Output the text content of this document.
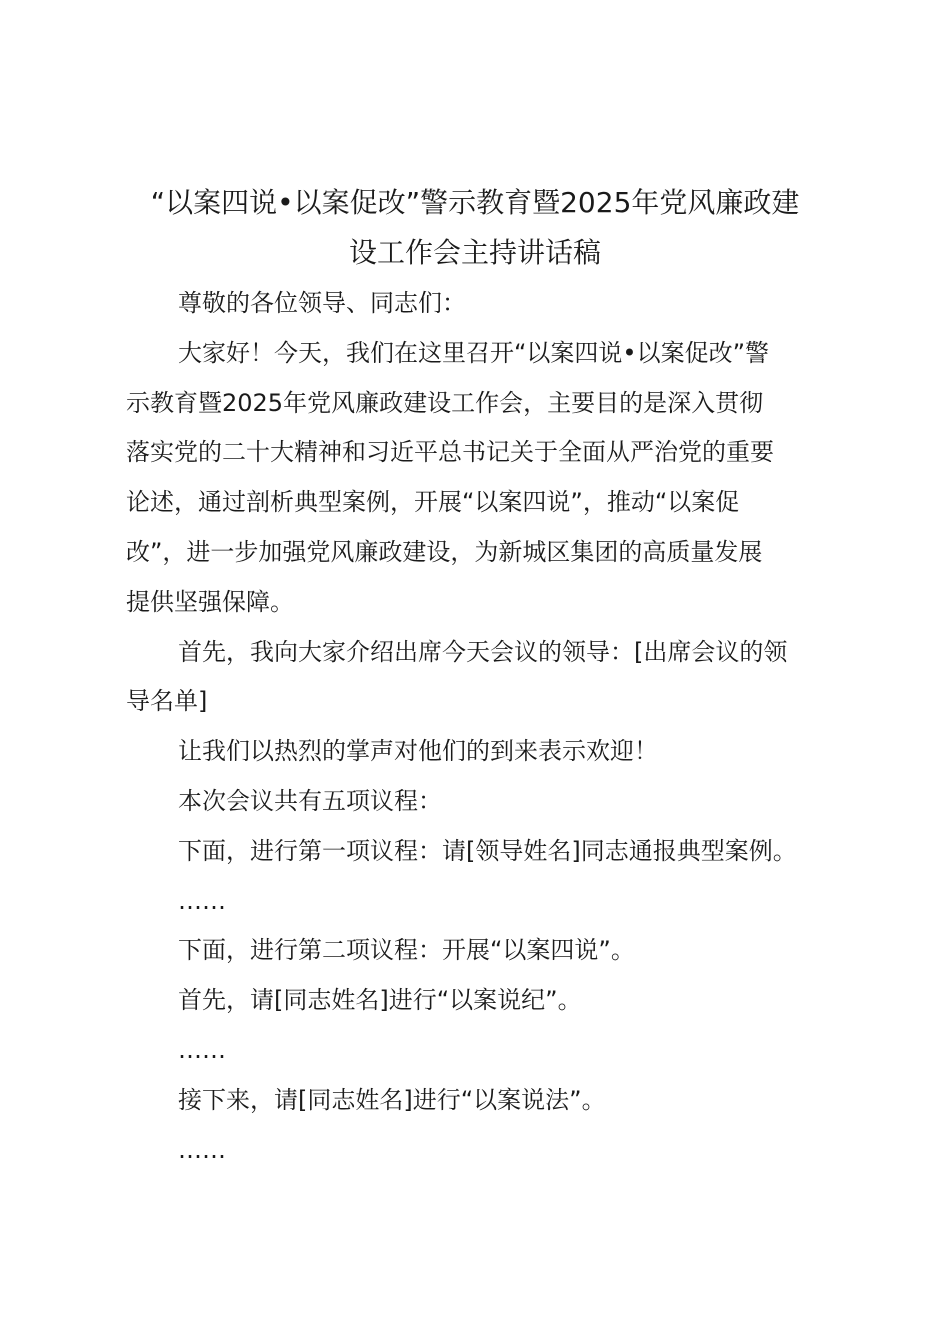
“以案四说•以案促改”警示教育暨2025年党风廉政建
设工作会主持讲话稿
尊敬的各位领导、同志们：
大家好！今天，我们在这里召开“以案四说•以案促改”警
示教育暨2025年党风廉政建设工作会，主要目的是深入贯彻
落实党的二十大精神和习近平总书记关于全面从严治党的重要
论述，通过剖析典型案例，开展“以案四说”，推动“以案促
改”，进一步加强党风廉政建设，为新城区集团的高质量发展
提供坚强保障。
首先，我向大家介绍出席今天会议的领导：[出席会议的领
导名单]
让我们以热烈的掌声对他们的到来表示欢迎！
本次会议共有五项议程：
下面，进行第一项议程：请[领导姓名]同志通报典型案例。
……
下面，进行第二项议程：开展“以案四说”。
首先，请[同志姓名]进行“以案说纪”。
……
接下来，请[同志姓名]进行“以案说法”。
……
